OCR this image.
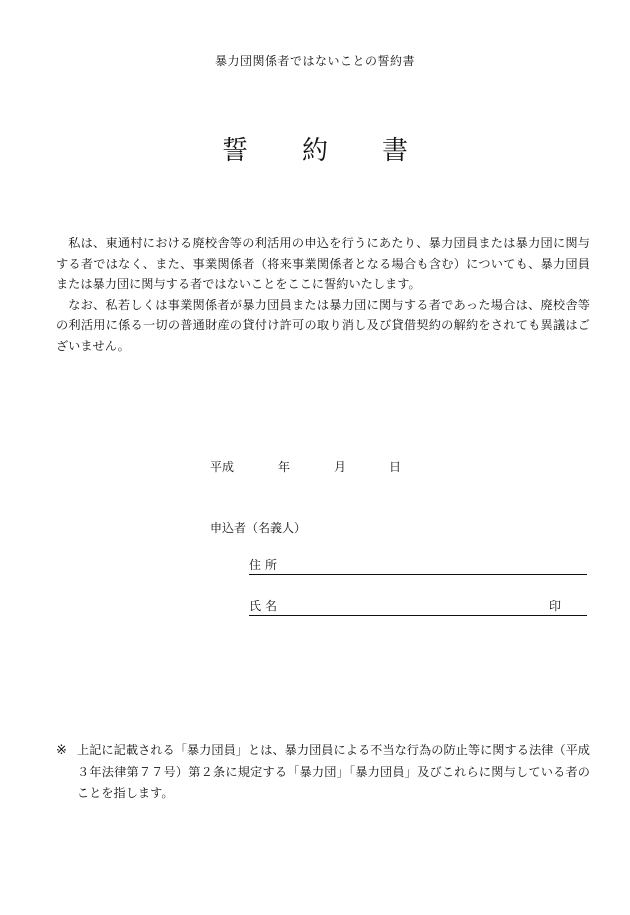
暴力団関係者ではないことの誓約書
誓 約 書

私は、東通村における廃校舎等の利活用の申込を行うにあたり、暴力団員または暴力団に関与する者ではなく、また、事業関係者（将来事業関係者となる場合も含む）についても、暴力団員または暴力団に関与する者ではないことをここに誓約いたします。

なお、私若しくは事業関係者が暴力団員または暴力団に関与する者であった場合は、廃校舎等の利活用に係る一切の普通財産の貸付け許可の取り消し及び貸借契約の解約をされても異議はございません。

平成	年	月	日
申込者（名義人）
住所
氏名	印
※ 上記に記載される「暴力団員」とは、暴力団員による不当な行為の防止等に関する法律（平成３年法律第７７号）第２条に規定する「暴力団」「暴力団員」及びこれらに関与している者のことを指します。
